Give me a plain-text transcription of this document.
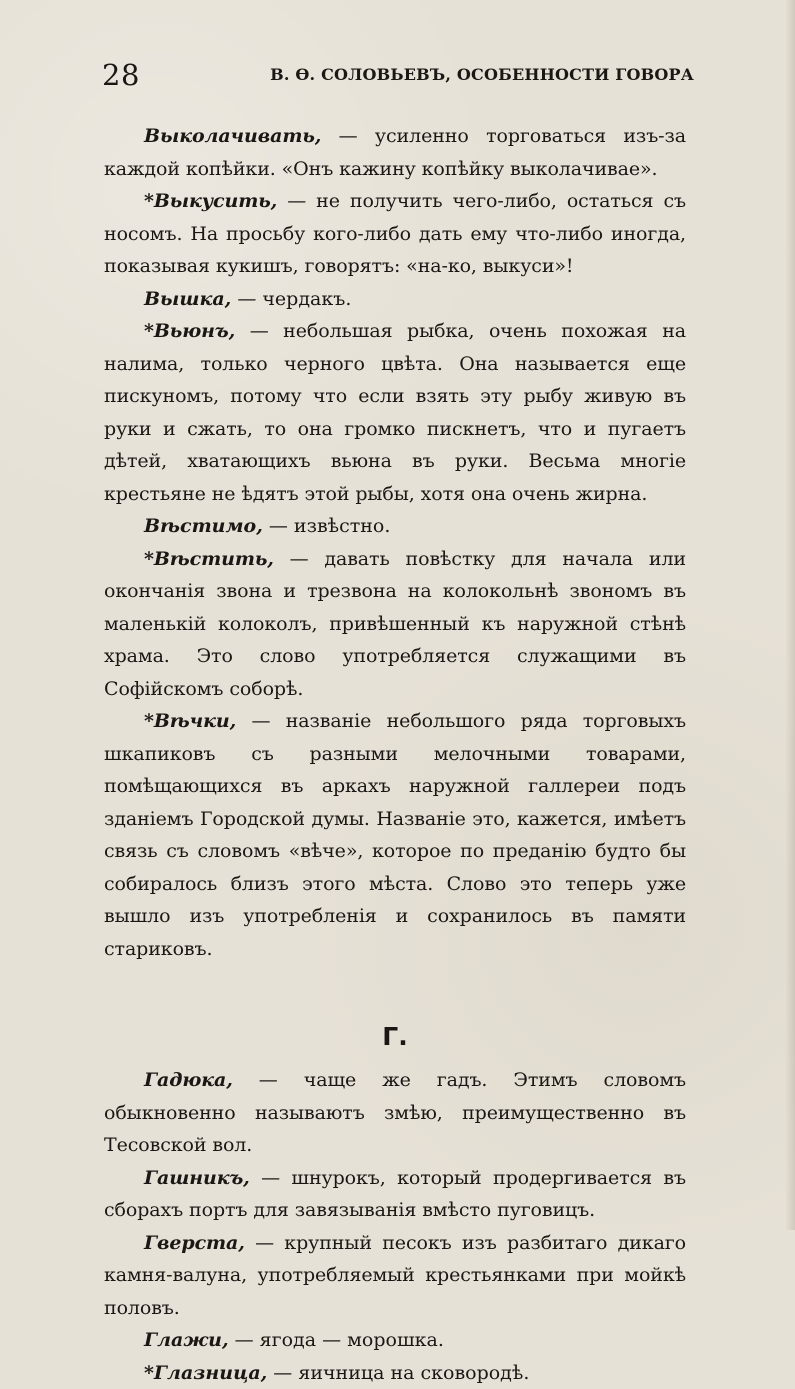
28	В. Ѳ. СОЛОВЬЕВЪ, ОСОБЕННОСТИ ГОВОРА

Выколачивать, — усиленно торговаться изъ-за каждой копѣйки. «Онъ кажину копѣйку выколачивае».

*Выкусить, — не получить чего-либо, остаться съ носомъ. На просьбу кого-либо дать ему что-либо иногда, показывая кукишъ, говорятъ: «на-ко, выкуси»!

Вышка, — чердакъ.

*Вьюнъ, — небольшая рыбка, очень похожая на налима, только черного цвѣта. Она называется еще пискуномъ, потому что если взять эту рыбу живую въ руки и сжать, то она громко пискнетъ, что и пугаетъ дѣтей, хватающихъ вьюна въ руки. Весьма многіе крестьяне не ѣдятъ этой рыбы, хотя она очень жирна.

Вѣстимо, — извѣстно.

*Вѣстить, — давать повѣстку для начала или окончанія звона и трезвона на колокольнѣ звономъ въ маленькій колоколъ, привѣшенный къ наружной стѣнѣ храма. Это слово употребляется служащими въ Софійскомъ соборѣ.

*Вѣчки, — названіе небольшого ряда торговыхъ шкапиковъ съ разными мелочными товарами, помѣщающихся въ аркахъ наружной галлереи подъ зданіемъ Городской думы. Названіе это, кажется, имѣетъ связь съ словомъ «вѣче», которое по преданію будто бы собиралось близъ этого мѣста. Слово это теперь уже вышло изъ употребленія и сохранилось въ памяти стариковъ.

Г.

Гадюка, — чаще же гадъ. Этимъ словомъ обыкновенно называютъ змѣю, преимущественно въ Тесовской вол.

Гашникъ, — шнурокъ, который продергивается въ сборахъ портъ для завязыванія вмѣсто пуговицъ.

Гверста, — крупный песокъ изъ разбитаго дикаго камня-валуна, употребляемый крестьянками при мойкѣ половъ.

Глажи, — ягода — морошка.

*Глазница, — яичница на сковородѣ.
